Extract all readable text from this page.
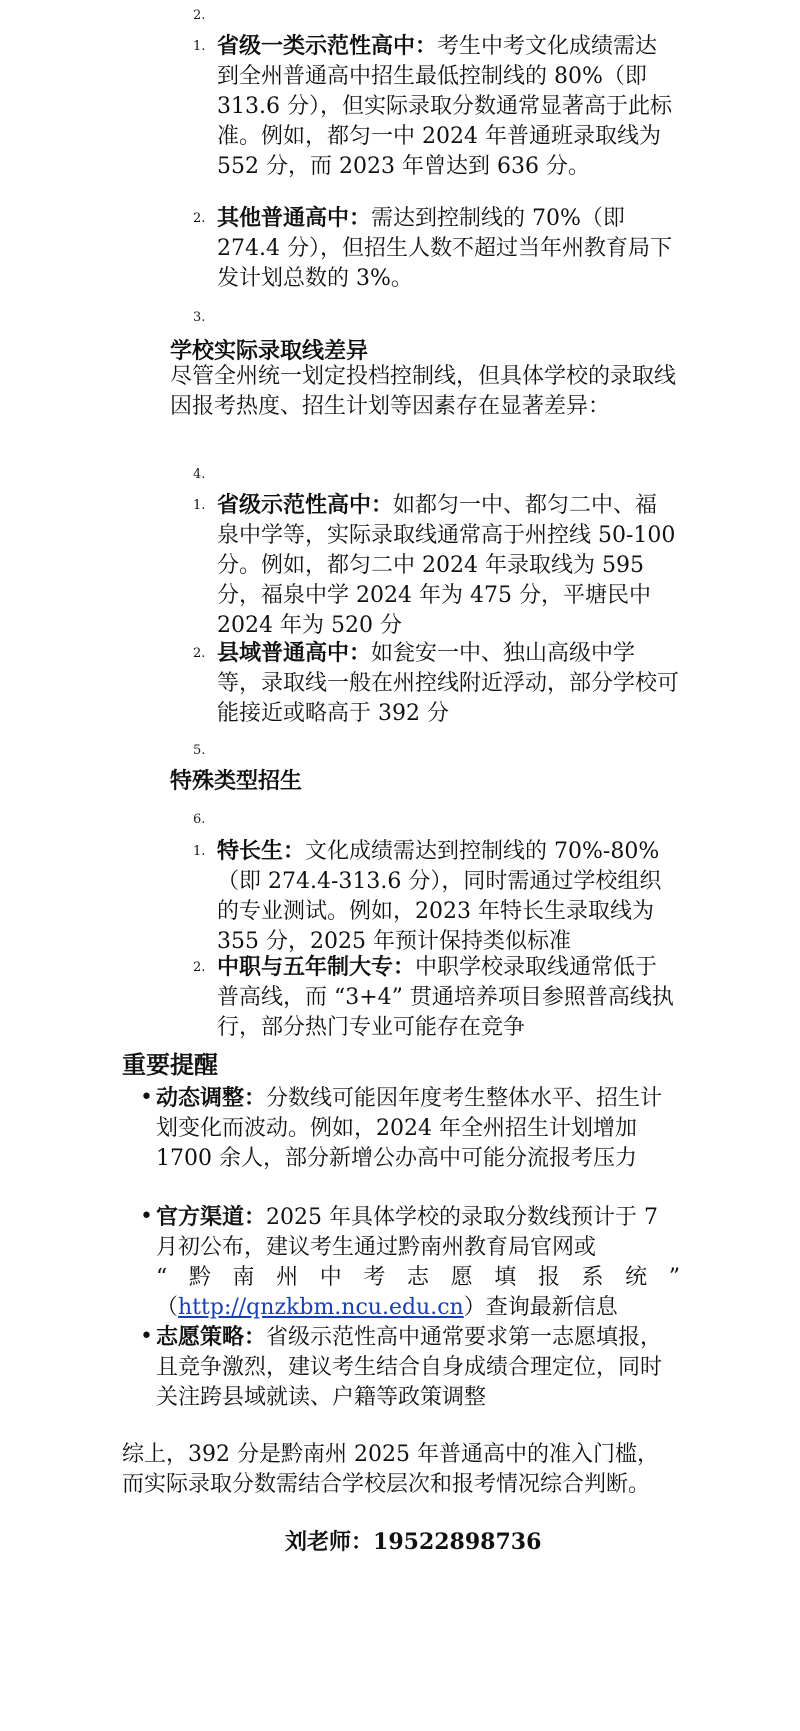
2.
1. 省级一类示范性高中：考生中考文化成绩需达到全州普通高中招生最低控制线的 80%（即 313.6 分），但实际录取分数通常显著高于此标准。例如，都匀一中 2024 年普通班录取线为 552 分，而 2023 年曾达到 636 分。
2. 其他普通高中：需达到控制线的 70%（即 274.4 分），但招生人数不超过当年州教育局下发计划总数的 3%。
3.
学校实际录取线差异
尽管全州统一划定投档控制线，但具体学校的录取线因报考热度、招生计划等因素存在显著差异：
4.
1. 省级示范性高中：如都匀一中、都匀二中、福泉中学等，实际录取线通常高于州控线 50-100 分。例如，都匀二中 2024 年录取线为 595 分，福泉中学 2024 年为 475 分，平塘民中 2024 年为 520 分
2. 县域普通高中：如瓮安一中、独山高级中学等，录取线一般在州控线附近浮动，部分学校可能接近或略高于 392 分
5.
特殊类型招生
6.
1. 特长生：文化成绩需达到控制线的 70%-80%（即 274.4-313.6 分），同时需通过学校组织的专业测试。例如，2023 年特长生录取线为 355 分，2025 年预计保持类似标准
2. 中职与五年制大专：中职学校录取线通常低于普高线，而 “3+4” 贯通培养项目参照普高线执行，部分热门专业可能存在竞争
重要提醒
• 动态调整：分数线可能因年度考生整体水平、招生计划变化而波动。例如，2024 年全州招生计划增加 1700 余人，部分新增公办高中可能分流报考压力
• 官方渠道：2025 年具体学校的录取分数线预计于 7 月初公布，建议考生通过黔南州教育局官网或
“黔南州中考志愿填报系统”
（http://qnzkbm.ncu.edu.cn）查询最新信息
• 志愿策略：省级示范性高中通常要求第一志愿填报，且竞争激烈，建议考生结合自身成绩合理定位，同时关注跨县域就读、户籍等政策调整
综上，392 分是黔南州 2025 年普通高中的准入门槛，而实际录取分数需结合学校层次和报考情况综合判断。
刘老师：19522898736
